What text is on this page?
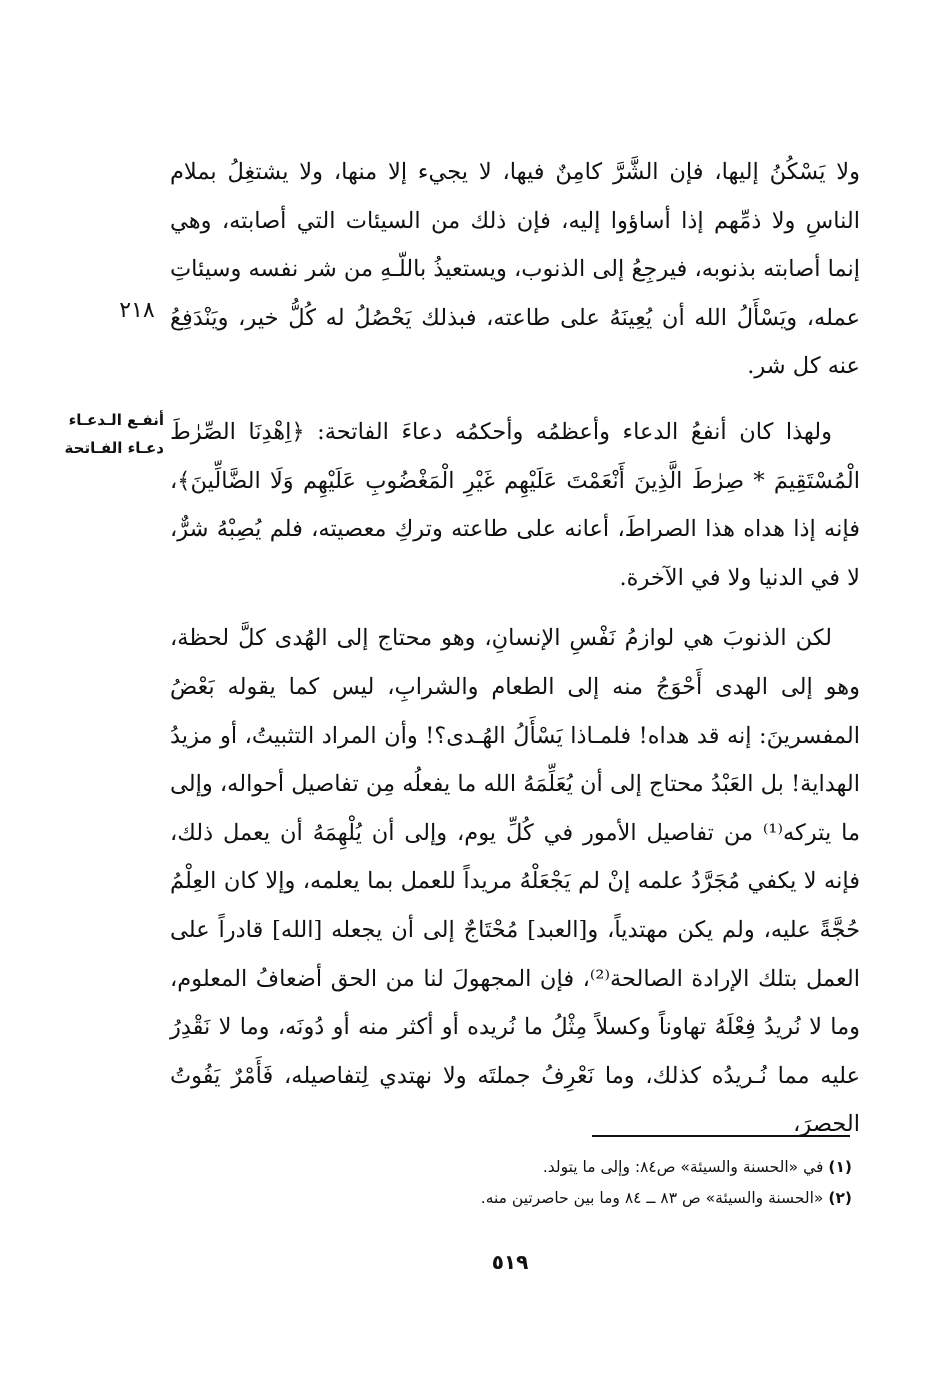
ولا يَسْكُنُ إليها، فإن الشَّرَّ كامِنٌ فيها، لا يجيء إلا منها، ولا يشتغِلُ بملام الناسِ ولا ذمِّهم إذا أساؤوا إليه، فإن ذلك من السيئات التي أصابته، وهي إنما أصابته بذنوبه، فيرجِعُ إلى الذنوب، ويستعيذُ باللّـهِ من شر نفسه وسيئاتِ عمله، ويَسْأَلُ الله أن يُعِينَهُ على طاعته، فبذلك يَحْصُلُ له كُلُّ خير، ويَنْدَفِعُ عنه كل شر.

ولهذا كان أنفعُ الدعاء وأعظمُه وأحكمُه دعاءَ الفاتحة: ﴿اِهْدِنَا الصِّرٰطَ الْمُسْتَقِيمَ * صِرٰطَ الَّذِينَ أَنْعَمْتَ عَلَيْهِم غَيْرِ الْمَغْضُوبِ عَلَيْهِم وَلَا الضَّالِّينَ﴾، فإنه إذا هداه هذا الصراطَ، أعانه على طاعته وتركِ معصيته، فلم يُصِبْهُ شرٌّ، لا في الدنيا ولا في الآخرة.

لكن الذنوبَ هي لوازمُ نَفْسِ الإنسانِ، وهو محتاج إلى الهُدى كلَّ لحظة، وهو إلى الهدى أَحْوَجُ منه إلى الطعام والشرابِ، ليس كما يقوله بَعْضُ المفسرينَ: إنه قد هداه! فلمـاذا يَسْأَلُ الهُـدى؟! وأن المراد التثبيتُ، أو مزيدُ الهداية! بل العَبْدُ محتاج إلى أن يُعَلِّمَهُ الله ما يفعلُه مِن تفاصيل أحواله، وإلى ما يتركه⁽¹⁾ من تفاصيل الأمور في كُلِّ يوم، وإلى أن يُلْهِمَهُ أن يعمل ذلك، فإنه لا يكفي مُجَرَّدُ علمه إنْ لم يَجْعَلْهُ مريداً للعمل بما يعلمه، وإلا كان العِلْمُ حُجَّةً عليه، ولم يكن مهتدياً، و[العبد] مُحْتَاجٌ إلى أن يجعله [الله] قادراً على العمل بتلك الإرادة الصالحة⁽²⁾، فإن المجهولَ لنا من الحق أضعافُ المعلوم، وما لا نُريدُ فِعْلَهُ تهاوناً وكسلاً مِثْلُ ما نُريده أو أكثر منه أو دُونَه، وما لا نَقْدِرُ عليه مما نُـريدُه كذلك، وما نَعْرِفُ جملتَه ولا نهتدي لِتفاصيله، فَأَمْرٌ يَفُوتُ الحصرَ،

٢١٨
أنفـع الـدعـاء
دعـاء الفـاتحة
(١) في «الحسنة والسيئة» ص٨٤: وإلى ما يتولد.
(٢) «الحسنة والسيئة» ص ٨٣ ــ ٨٤ وما بين حاصرتين منه.
٥١٩
